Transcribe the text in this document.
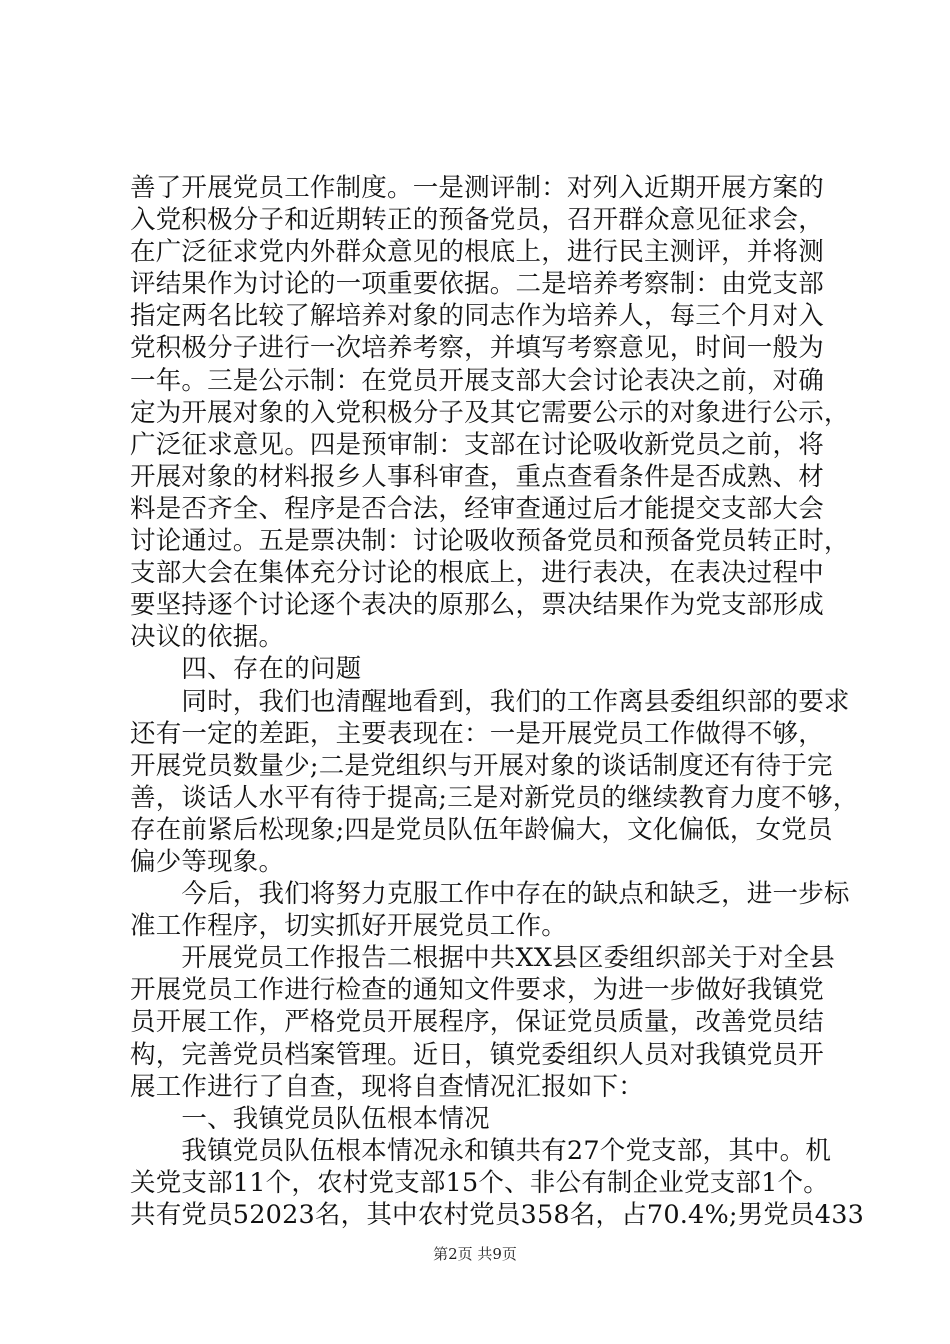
善了开展党员工作制度。一是测评制：对列入近期开展方案的
入党积极分子和近期转正的预备党员，召开群众意见征求会，
在广泛征求党内外群众意见的根底上，进行民主测评，并将测
评结果作为讨论的一项重要依据。二是培养考察制：由党支部
指定两名比较了解培养对象的同志作为培养人，每三个月对入
党积极分子进行一次培养考察，并填写考察意见，时间一般为
一年。三是公示制：在党员开展支部大会讨论表决之前，对确
定为开展对象的入党积极分子及其它需要公示的对象进行公示，
广泛征求意见。四是预审制：支部在讨论吸收新党员之前，将
开展对象的材料报乡人事科审查，重点查看条件是否成熟、材
料是否齐全、程序是否合法，经审查通过后才能提交支部大会
讨论通过。五是票决制：讨论吸收预备党员和预备党员转正时，
支部大会在集体充分讨论的根底上，进行表决，在表决过程中
要坚持逐个讨论逐个表决的原那么，票决结果作为党支部形成
决议的依据。
　　四、存在的问题
　　同时，我们也清醒地看到，我们的工作离县委组织部的要求
还有一定的差距，主要表现在：一是开展党员工作做得不够，
开展党员数量少;二是党组织与开展对象的谈话制度还有待于完
善，谈话人水平有待于提高;三是对新党员的继续教育力度不够，
存在前紧后松现象;四是党员队伍年龄偏大，文化偏低，女党员
偏少等现象。
　　今后，我们将努力克服工作中存在的缺点和缺乏，进一步标
准工作程序，切实抓好开展党员工作。
　　开展党员工作报告二根据中共XX县区委组织部关于对全县
开展党员工作进行检查的通知文件要求，为进一步做好我镇党
员开展工作，严格党员开展程序，保证党员质量，改善党员结
构，完善党员档案管理。近日，镇党委组织人员对我镇党员开
展工作进行了自查，现将自查情况汇报如下：
　　一、我镇党员队伍根本情况
　　我镇党员队伍根本情况永和镇共有27个党支部，其中。机
关党支部11个，农村党支部15个、非公有制企业党支部1个。
共有党员52023名，其中农村党员358名，占70.4%;男党员433
第2页 共9页
